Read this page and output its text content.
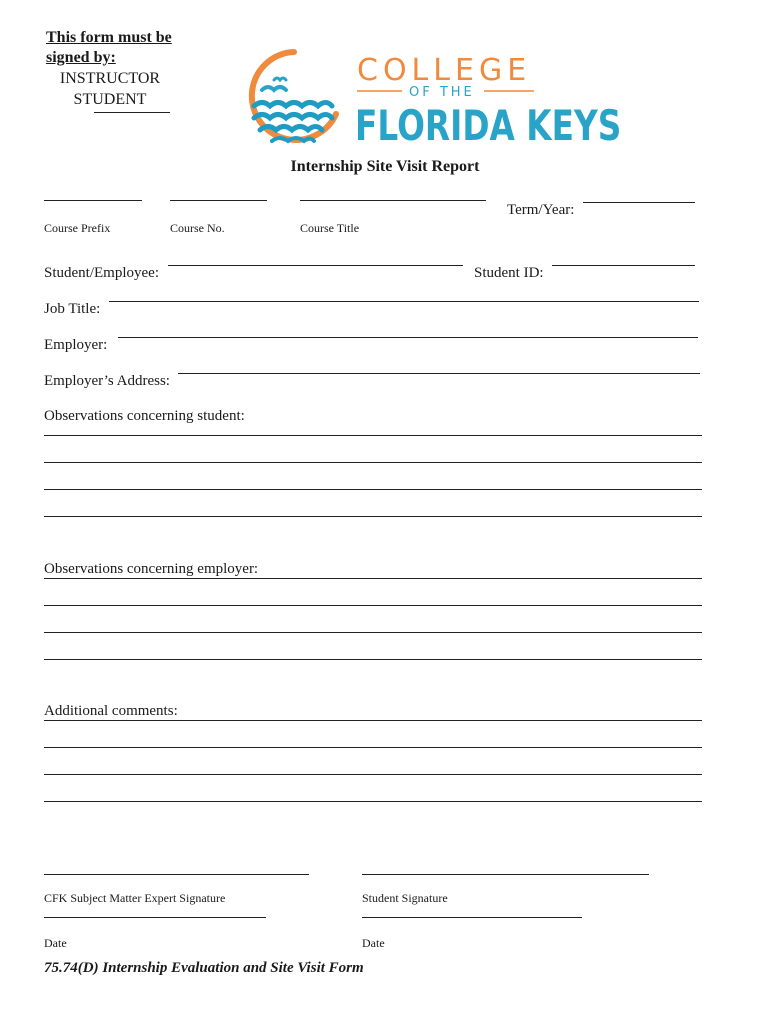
This form must be signed by:
INSTRUCTOR
STUDENT
COLLEGE
OF THE
FLORIDA KEYS
Internship Site Visit Report
Course Prefix	Course No.	Course Title
Term/Year:
Student/Employee:	Student ID:
Job Title:
Employer:
Employer’s Address:
Observations concerning student:
Observations concerning employer:
Additional comments:
CFK Subject Matter Expert Signature	Student Signature
Date	Date
75.74(D) Internship Evaluation and Site Visit Form
